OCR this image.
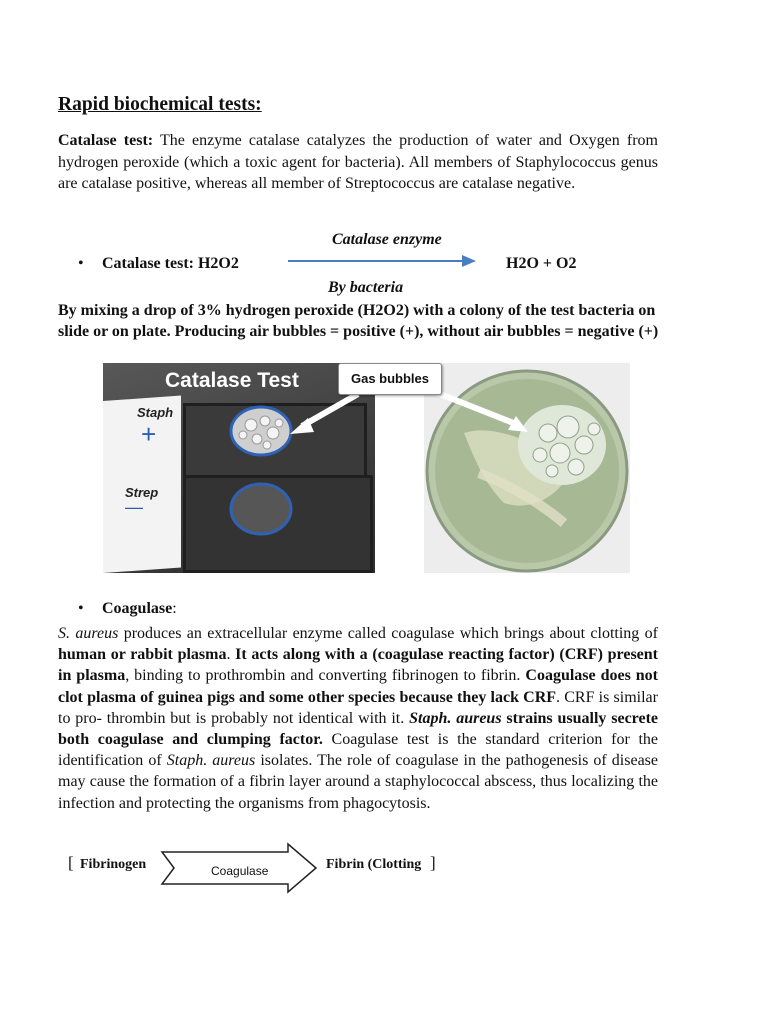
Rapid biochemical tests:
Catalase test: The enzyme catalase catalyzes the production of water and Oxygen from hydrogen peroxide (which a toxic agent for bacteria). All members of Staphylococcus genus are catalase positive, whereas all member of Streptococcus are catalase negative.
Catalase enzyme
• Catalase test: H2O2	H2O + O2
By bacteria
By mixing a drop of 3% hydrogen peroxide (H2O2) with a colony of the test bacteria on slide or on plate. Producing air bubbles = positive (+), without air bubbles = negative (+)
Catalase Test
Staph
+
Strep
—
Gas bubbles
• Coagulase:
S. aureus produces an extracellular enzyme called coagulase which brings about clotting of human or rabbit plasma. It acts along with a (coagulase reacting factor) (CRF) present in plasma, binding to prothrombin and converting fibrinogen to fibrin. Coagulase does not clot plasma of guinea pigs and some other species because they lack CRF. CRF is similar to pro- thrombin but is probably not identical with it. Staph. aureus strains usually secrete both coagulase and clumping factor. Coagulase test is the standard criterion for the identification of Staph. aureus isolates. The role of coagulase in the pathogenesis of disease may cause the formation of a fibrin layer around a staphylococcal abscess, thus localizing the infection and protecting the organisms from phagocytosis.
[ Fibrinogen	Coagulase	Fibrin (Clotting ]
